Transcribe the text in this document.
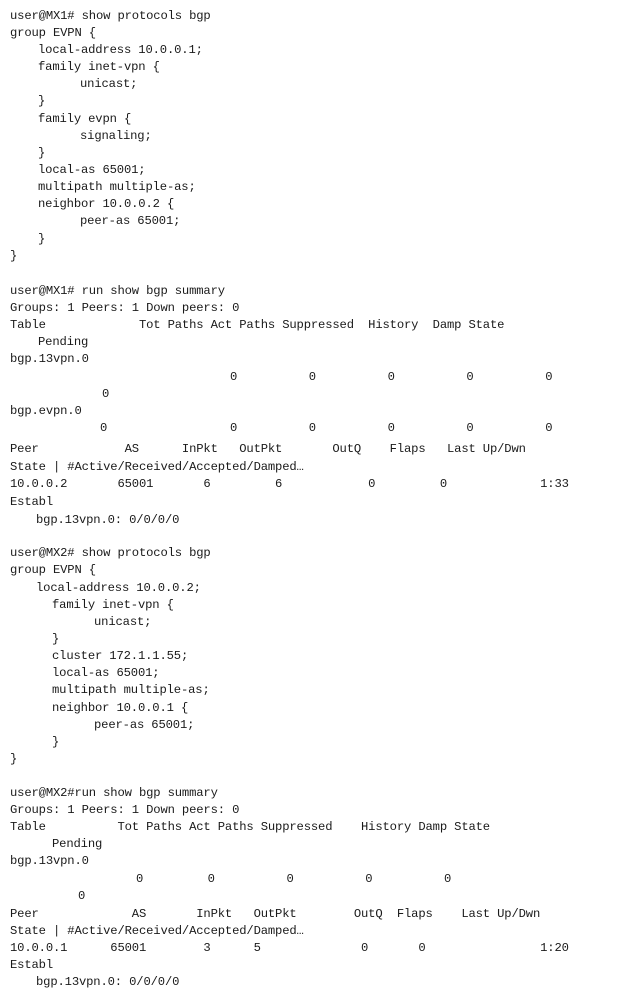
user@MX1# show protocols bgp
group EVPN {
local-address 10.0.0.1;
family inet-vpn {
unicast;
}
family evpn {
signaling;
}
local-as 65001;
multipath multiple-as;
neighbor 10.0.0.2 {
peer-as 65001;
}
}
user@MX1# run show bgp summary
Groups: 1 Peers: 1 Down peers: 0
Table             Tot Paths Act Paths Suppressed  History  Damp State
Pending
bgp.13vpn.0
0          0          0          0          0
0
bgp.evpn.0
0	0          0          0          0          0
Peer            AS      InPkt   OutPkt       OutQ    Flaps   Last Up/Dwn
State | #Active/Received/Accepted/Damped…
10.0.0.2       65001       6         6            0         0             1:33
Establ
bgp.13vpn.0: 0/0/0/0
user@MX2# show protocols bgp
group EVPN {
local-address 10.0.0.2;
family inet-vpn {
unicast;
}
cluster 172.1.1.55;
local-as 65001;
multipath multiple-as;
neighbor 10.0.0.1 {
peer-as 65001;
}
}
user@MX2#run show bgp summary
Groups: 1 Peers: 1 Down peers: 0
Table          Tot Paths Act Paths Suppressed    History Damp State
Pending
bgp.13vpn.0
0         0          0          0          0
0
Peer             AS       InPkt   OutPkt        OutQ  Flaps    Last Up/Dwn
State | #Active/Received/Accepted/Damped…
10.0.0.1      65001        3      5              0       0                1:20
Establ
bgp.13vpn.0: 0/0/0/0
